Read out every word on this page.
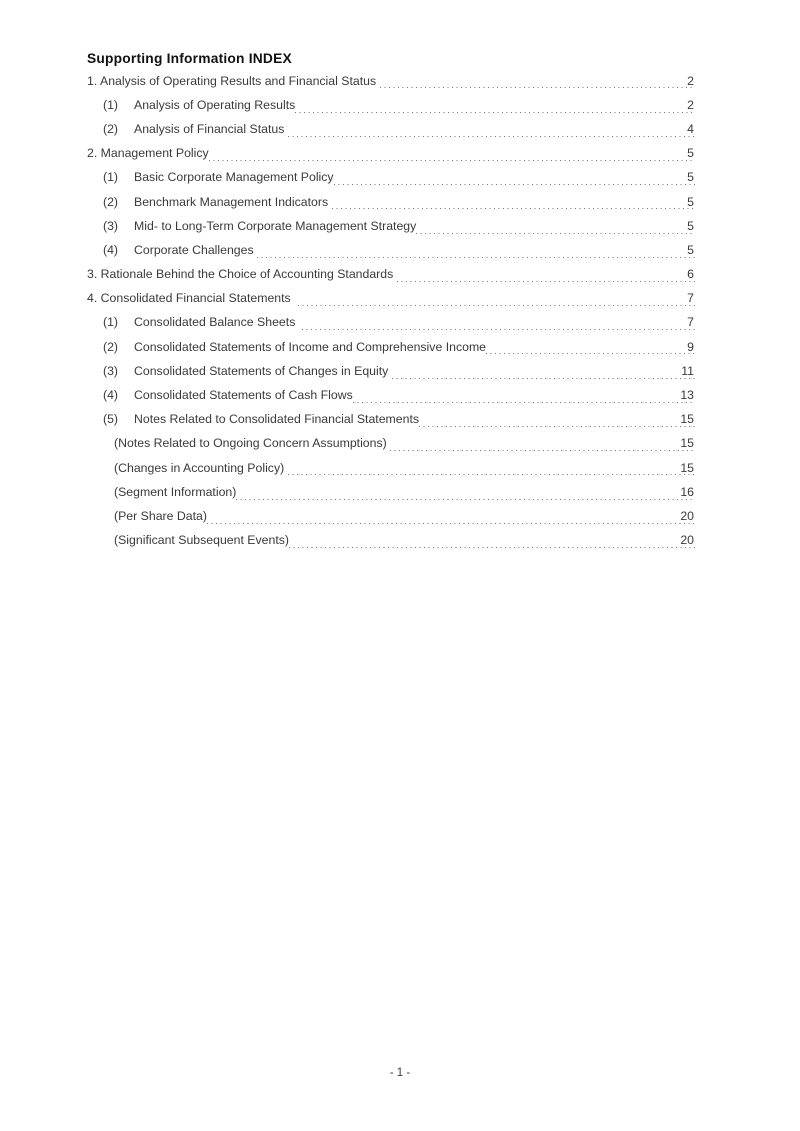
Supporting Information INDEX
1. Analysis of Operating Results and Financial Status	2
(1)	Analysis of Operating Results	2
(2)	Analysis of Financial Status	4
2. Management Policy	5
(1)	Basic Corporate Management Policy	5
(2)	Benchmark Management Indicators	5
(3)	Mid- to Long-Term Corporate Management Strategy	5
(4)	Corporate Challenges	5
3. Rationale Behind the Choice of Accounting Standards	6
4. Consolidated Financial Statements	7
(1)	Consolidated Balance Sheets	7
(2)	Consolidated Statements of Income and Comprehensive Income	9
(3)	Consolidated Statements of Changes in Equity	11
(4)	Consolidated Statements of Cash Flows	13
(5)	Notes Related to Consolidated Financial Statements	15
(Notes Related to Ongoing Concern Assumptions)	15
(Changes in Accounting Policy)	15
(Segment Information)	16
(Per Share Data)	20
(Significant Subsequent Events)	20
- 1 -
